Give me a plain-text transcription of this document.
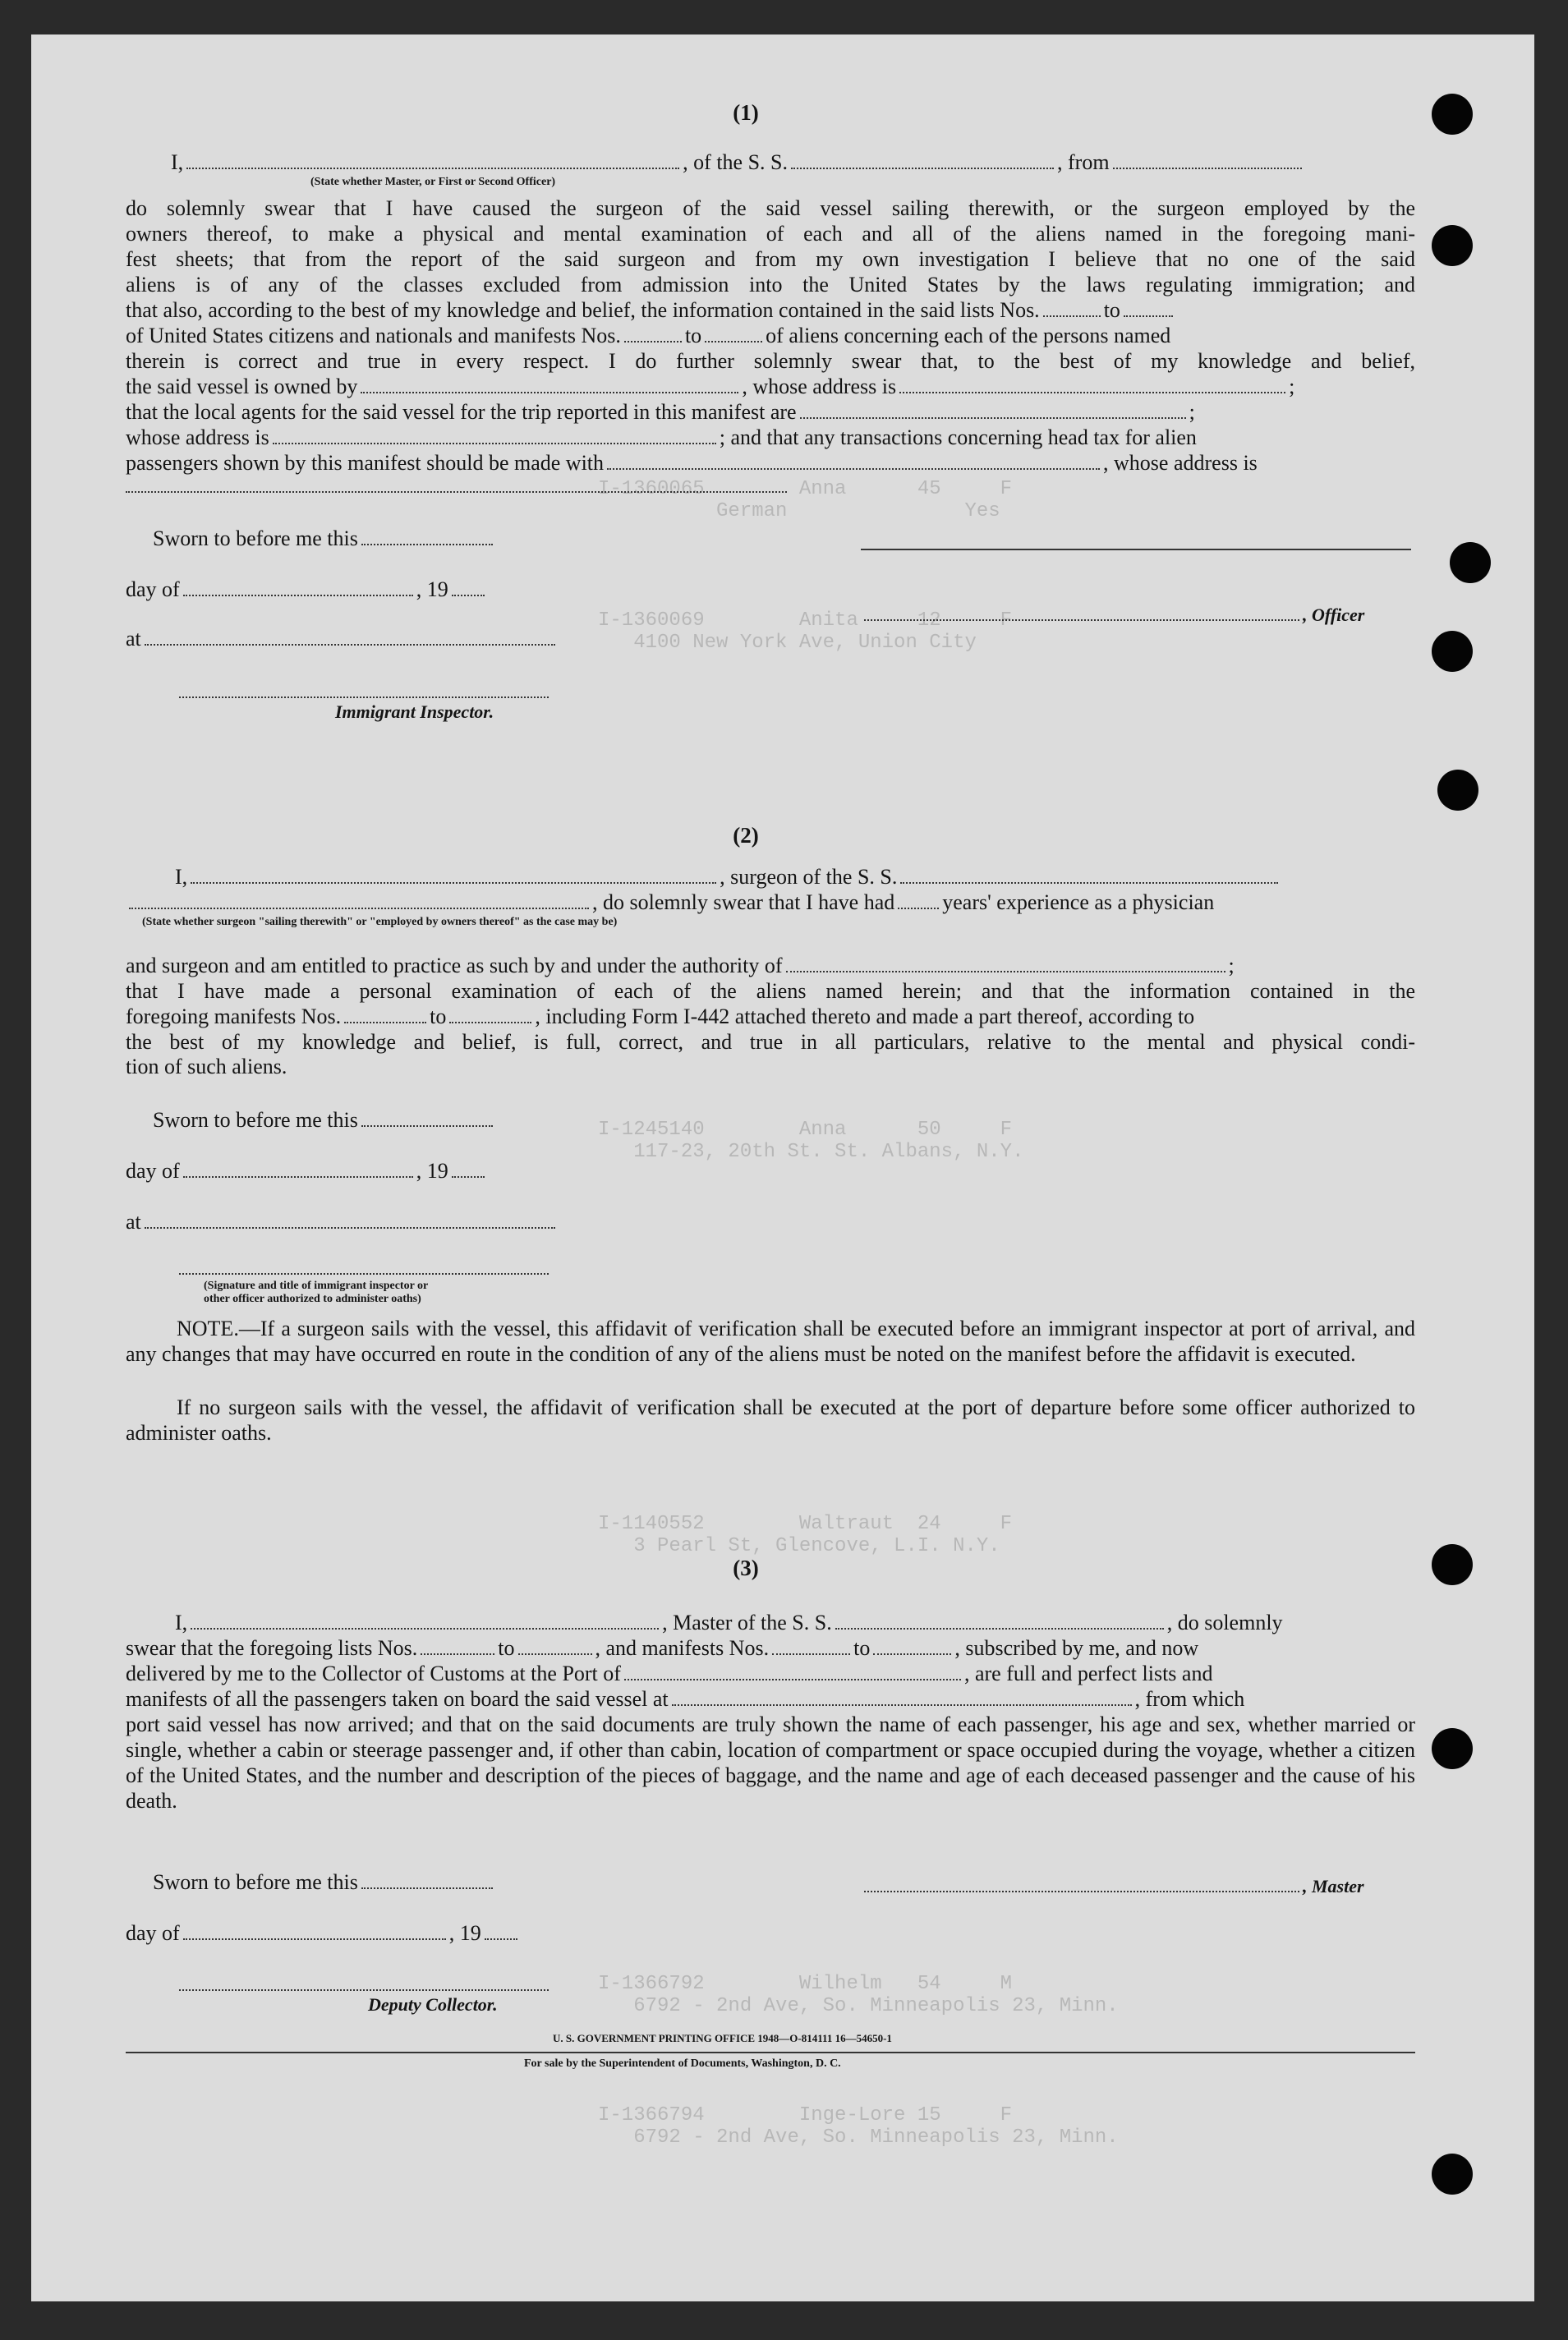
I-1360065        Anna      45     F
German               Yes
I-1360069        Anita     12     F
4100 New York Ave, Union City
I-1245140        Anna      50     F
117-23, 20th St. St. Albans, N.Y.
I-1140552        Waltraut  24     F
3 Pearl St, Glencove, L.I. N.Y.
I-1366792        Wilhelm   54     M
6792 - 2nd Ave, So. Minneapolis 23, Minn.
I-1366794        Inge-Lore 15     F
6792 - 2nd Ave, So. Minneapolis 23, Minn.
(1)
I,	, of the S. S.	, from
(State whether Master, or First or Second Officer)
do solemnly swear that I have caused the surgeon of the said vessel sailing therewith, or the surgeon employed by the
owners thereof, to make a physical and mental examination of each and all of the aliens named in the foregoing mani-
fest sheets; that from the report of the said surgeon and from my own investigation I believe that no one of the said
aliens is of any of the classes excluded from admission into the United States by the laws regulating immigration; and
that also, according to the best of my knowledge and belief, the information contained in the said lists Nos.	to
of United States citizens and nationals and manifests Nos.	to	of aliens concerning each of the persons named
therein is correct and true in every respect. I do further solemnly swear that, to the best of my knowledge and belief,
the said vessel is owned by	, whose address is	;
that the local agents for the said vessel for the trip reported in this manifest are	;
whose address is	; and that any transactions concerning head tax for alien
passengers shown by this manifest should be made with	, whose address is
Sworn to before me this
day of	, 19
, Officer
at
Immigrant Inspector.
(2)
I,	, surgeon of the S. S.
, do solemnly swear that I have had years' experience as a physician
(State whether surgeon "sailing therewith" or "employed by owners thereof" as the case may be)
and surgeon and am entitled to practice as such by and under the authority of	;
that I have made a personal examination of each of the aliens named herein; and that the information contained in the
foregoing manifests Nos.	to	, including Form I-442 attached thereto and made a part thereof, according to
the best of my knowledge and belief, is full, correct, and true in all particulars, relative to the mental and physical condi-
tion of such aliens.
Sworn to before me this
day of	, 19
at
(Signature and title of immigrant inspector or
other officer authorized to administer oaths)
NOTE.—If a surgeon sails with the vessel, this affidavit of verification shall be executed before an immigrant inspector at port of arrival, and any changes that may have occurred en route in the condition of any of the aliens must be noted on the manifest before the affidavit is executed.
If no surgeon sails with the vessel, the affidavit of verification shall be executed at the port of departure before some officer authorized to administer oaths.
(3)
I,	, Master of the S. S.	, do solemnly
swear that the foregoing lists Nos.	to	, and manifests Nos.	to	, subscribed by me, and now
delivered by me to the Collector of Customs at the Port of	, are full and perfect lists and
manifests of all the passengers taken on board the said vessel at	, from which
port said vessel has now arrived; and that on the said documents are truly shown the name of each passenger, his age and sex, whether married or single, whether a cabin or steerage passenger and, if other than cabin, location of compartment or space occupied during the voyage, whether a citizen of the United States, and the number and description of the pieces of baggage, and the name and age of each deceased passenger and the cause of his death.
Sworn to before me this	, Master
day of	, 19
Deputy Collector.
U. S. GOVERNMENT PRINTING OFFICE 1948—O-814111 16—54650-1
For sale by the Superintendent of Documents, Washington, D. C.
